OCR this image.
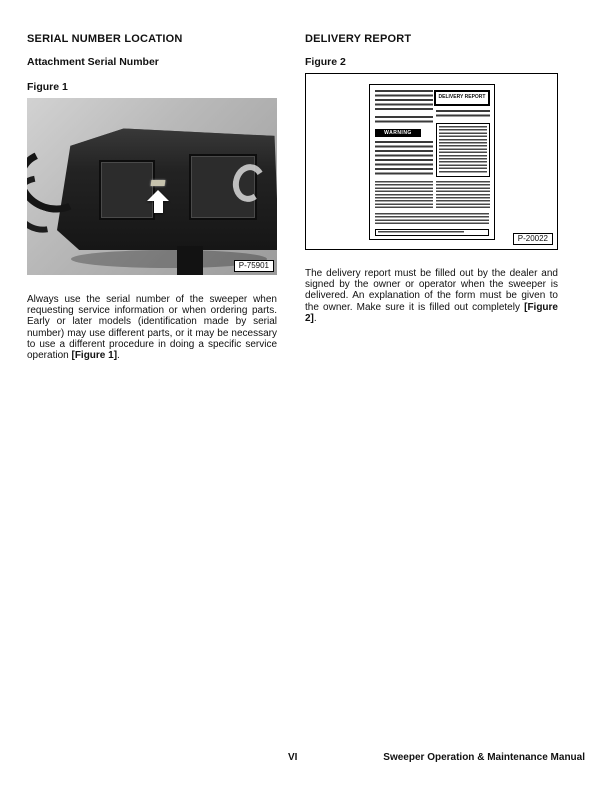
SERIAL NUMBER LOCATION
Attachment Serial Number
Figure 1
P-75901

Always use the serial number of the sweeper when requesting service information or when ordering parts. Early or later models (identification made by serial number) may use different parts, or it may be necessary to use a different procedure in doing a specific service operation [Figure 1].

DELIVERY REPORT
Figure 2
DELIVERY REPORT
WARNING
P-20022

The delivery report must be filled out by the dealer and signed by the owner or operator when the sweeper is delivered. An explanation of the form must be given to the owner. Make sure it is filled out completely [Figure 2].

VI	Sweeper Operation & Maintenance Manual
